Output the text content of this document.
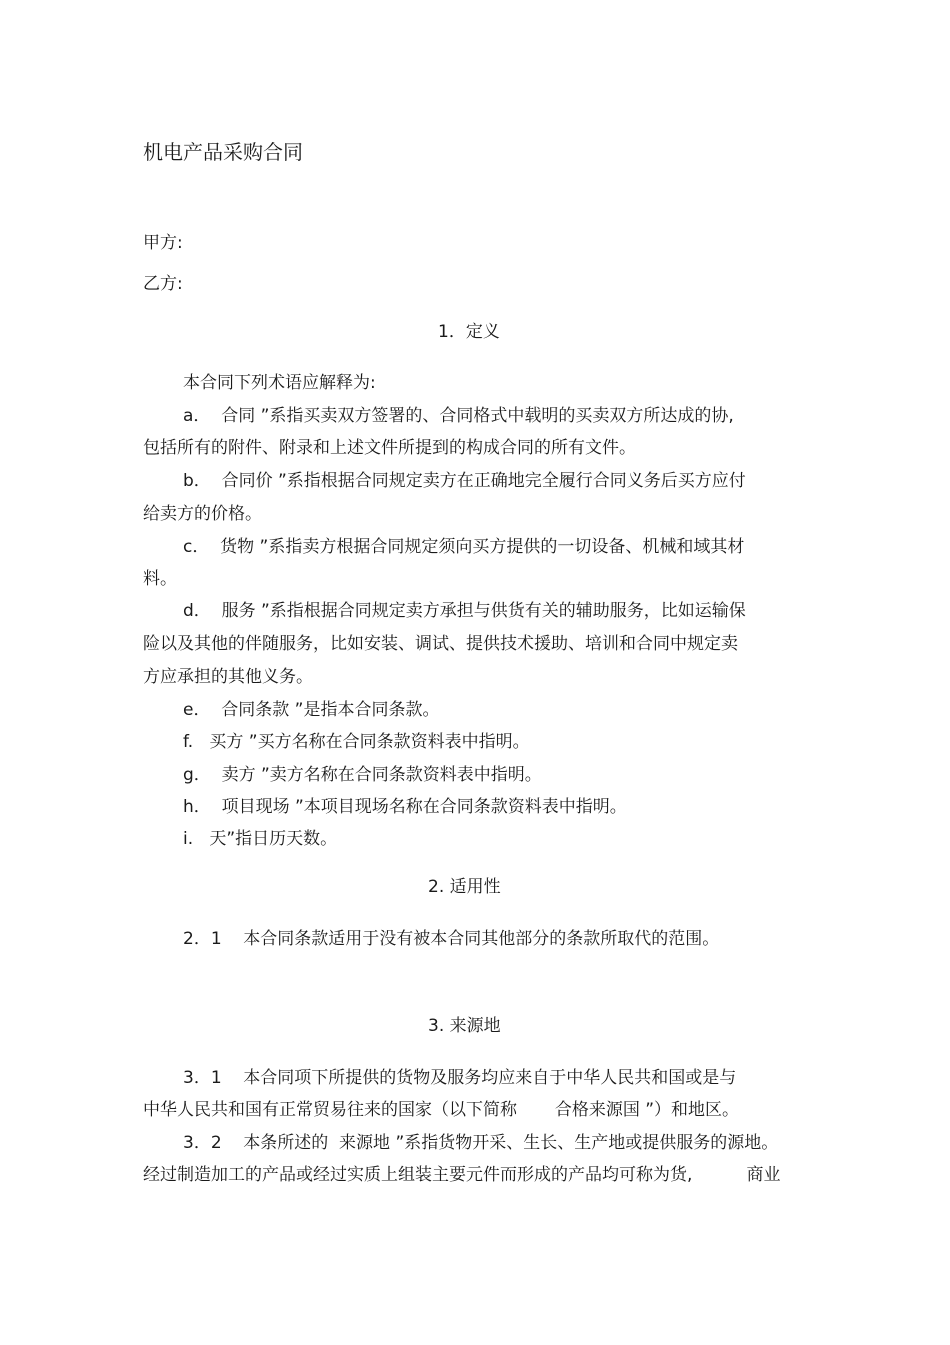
机电产品采购合同
甲方:
乙方:
1．定义
本合同下列术语应解释为:
a．  合同 ”系指买卖双方签署的、合同格式中载明的买卖双方所达成的协,
包括所有的附件、附录和上述文件所提到的构成合同的所有文件。
b．  合同价 ”系指根据合同规定卖方在正确地完全履行合同义务后买方应付
给卖方的价格。
c．  货物 ”系指卖方根据合同规定须向买方提供的一切设备、机械和域其材
料。
d．  服务 ”系指根据合同规定卖方承担与供货有关的辅助服务，比如运输保
险以及其他的伴随服务，比如安装、调试、提供技术援助、培训和合同中规定卖
方应承担的其他义务。
e．  合同条款 ”是指本合同条款。
f.   买方 ”买方名称在合同条款资料表中指明。
g．  卖方 ”卖方名称在合同条款资料表中指明。
h．  项目现场 ”本项目现场名称在合同条款资料表中指明。
i.   天”指日历天数。
2. 适用性
2．1    本合同条款适用于没有被本合同其他部分的条款所取代的范围。
3. 来源地
3．1    本合同项下所提供的货物及服务均应来自于中华人民共和国或是与
中华人民共和国有正常贸易往来的国家（以下简称       合格来源国 ”）和地区。
3．2    本条所述的  来源地 ”系指货物开采、生长、生产地或提供服务的源地。
经过制造加工的产品或经过实质上组装主要元件而形成的产品均可称为货,          商业
